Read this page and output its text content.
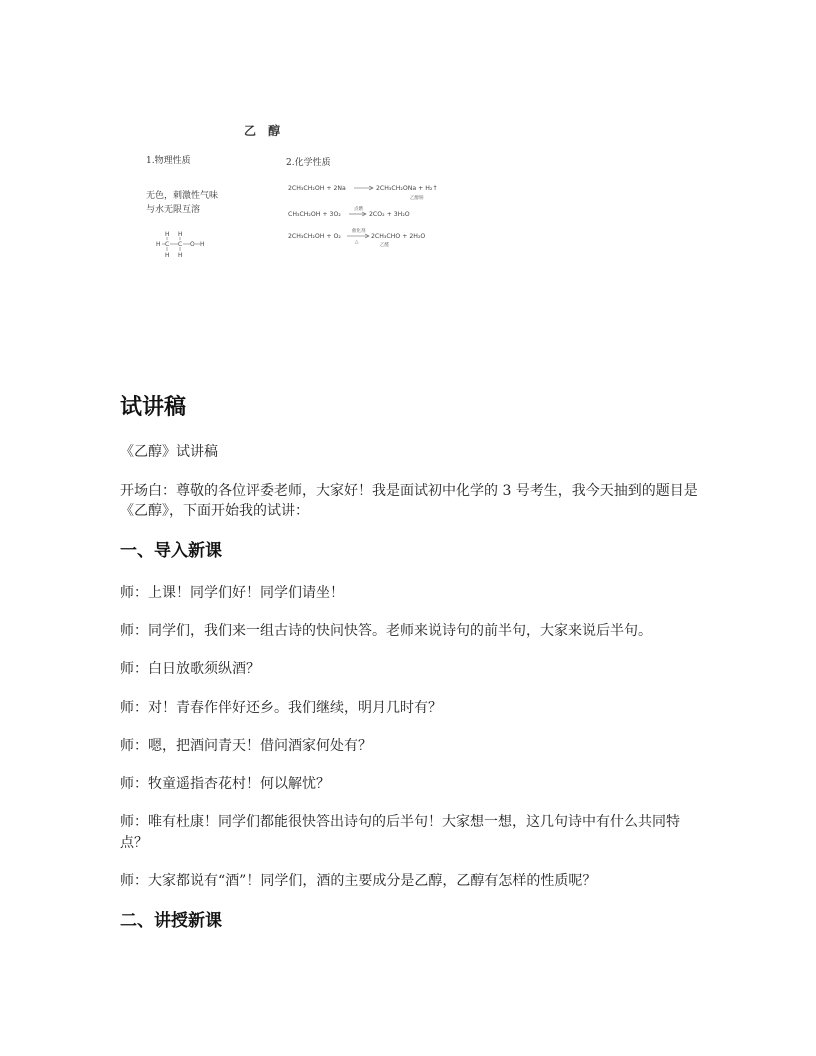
乙 醇
1.物理性质
无色，刺激性气味
与水无限互溶
2.化学性质
H H
H C C O H
H H
2CH₃CH₂OH + 2Na	2CH₃CH₂ONa + H₂↑
乙醇钠
CH₃CH₂OH + 3O₂
点燃
2CO₂ + 3H₂O
2CH₃CH₂OH + O₂
催化剂
△
2CH₃CHO + 2H₂O
乙醛
试讲稿

《乙醇》试讲稿

开场白：尊敬的各位评委老师，大家好！我是面试初中化学的 3 号考生，我今天抽到的题目是《乙醇》，下面开始我的试讲：

一、导入新课

师：上课！同学们好！同学们请坐！

师：同学们，我们来一组古诗的快问快答。老师来说诗句的前半句，大家来说后半句。

师：白日放歌须纵酒？

师：对！青春作伴好还乡。我们继续，明月几时有？

师：嗯，把酒问青天！借问酒家何处有？

师：牧童遥指杏花村！何以解忧？

师：唯有杜康！同学们都能很快答出诗句的后半句！大家想一想，这几句诗中有什么共同特点？

师：大家都说有“酒”！同学们，酒的主要成分是乙醇，乙醇有怎样的性质呢？

二、讲授新课
